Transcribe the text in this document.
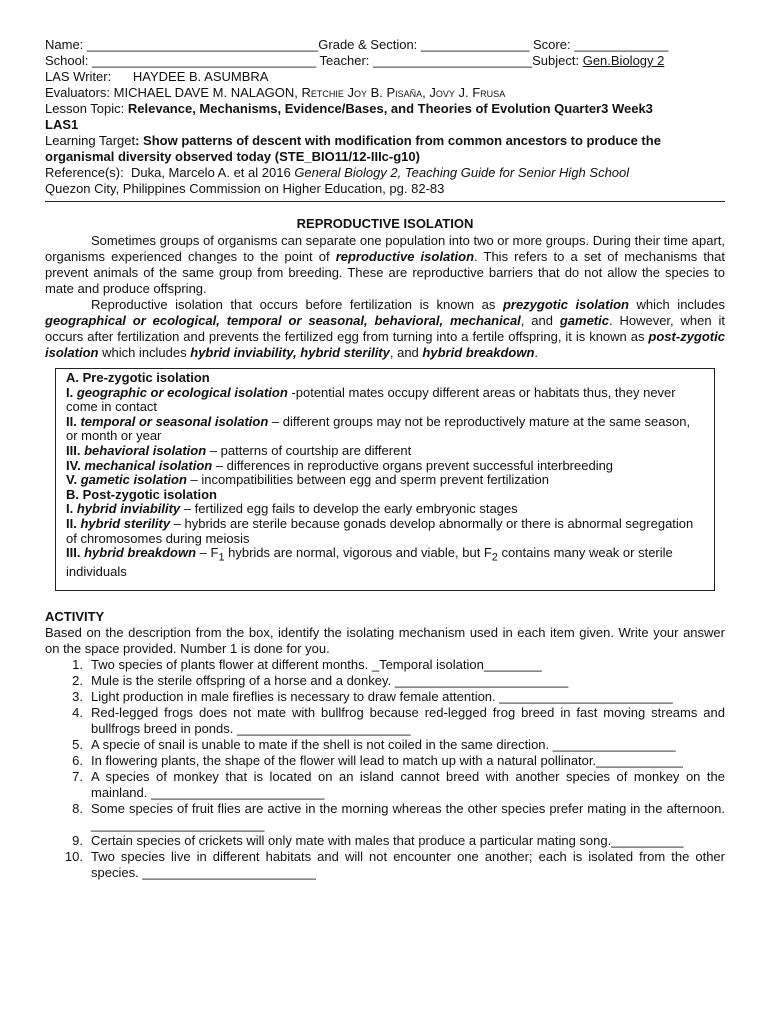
Name: ________________________________Grade & Section: _______________ Score: _____________
School: _______________________________ Teacher: ______________________Subject: Gen.Biology 2
LAS Writer: HAYDEE B. ASUMBRA
Evaluators: MICHAEL DAVE M. NALAGON, Retchie Joy B. Pisaña, Jovy J. Frusa
Lesson Topic: Relevance, Mechanisms, Evidence/Bases, and Theories of Evolution Quarter3 Week3
LAS1
Learning Target: Show patterns of descent with modification from common ancestors to produce the organismal diversity observed today (STE_BIO11/12-IIIc-g10)
Reference(s): Duka, Marcelo A. et al 2016 General Biology 2, Teaching Guide for Senior High School
Quezon City, Philippines Commission on Higher Education, pg. 82-83
REPRODUCTIVE ISOLATION
Sometimes groups of organisms can separate one population into two or more groups. During their time apart, organisms experienced changes to the point of reproductive isolation. This refers to a set of mechanisms that prevent animals of the same group from breeding. These are reproductive barriers that do not allow the species to mate and produce offspring.
Reproductive isolation that occurs before fertilization is known as prezygotic isolation which includes geographical or ecological, temporal or seasonal, behavioral, mechanical, and gametic. However, when it occurs after fertilization and prevents the fertilized egg from turning into a fertile offspring, it is known as post-zygotic isolation which includes hybrid inviability, hybrid sterility, and hybrid breakdown.
A. Pre-zygotic isolation
I. geographic or ecological isolation -potential mates occupy different areas or habitats thus, they never come in contact
II. temporal or seasonal isolation – different groups may not be reproductively mature at the same season, or month or year
III. behavioral isolation – patterns of courtship are different
IV. mechanical isolation – differences in reproductive organs prevent successful interbreeding
V. gametic isolation – incompatibilities between egg and sperm prevent fertilization
B. Post-zygotic isolation
I. hybrid inviability – fertilized egg fails to develop the early embryonic stages
II. hybrid sterility – hybrids are sterile because gonads develop abnormally or there is abnormal segregation of chromosomes during meiosis
III. hybrid breakdown – $F_1$ hybrids are normal, vigorous and viable, but $F_2$ contains many weak or sterile individuals
ACTIVITY
Based on the description from the box, identify the isolating mechanism used in each item given. Write your answer on the space provided. Number 1 is done for you.
1. Two species of plants flower at different months. _Temporal isolation________
2. Mule is the sterile offspring of a horse and a donkey. ________________________
3. Light production in male fireflies is necessary to draw female attention. ________________________
4. Red-legged frogs does not mate with bullfrog because red-legged frog breed in fast moving streams and bullfrogs breed in ponds. ________________________
5. A specie of snail is unable to mate if the shell is not coiled in the same direction. _________________
6. In flowering plants, the shape of the flower will lead to match up with a natural pollinator.____________
7. A species of monkey that is located on an island cannot breed with another species of monkey on the mainland. ________________________
8. Some species of fruit flies are active in the morning whereas the other species prefer mating in the afternoon. ________________________
9. Certain species of crickets will only mate with males that produce a particular mating song.__________
10. Two species live in different habitats and will not encounter one another; each is isolated from the other species. ________________________
